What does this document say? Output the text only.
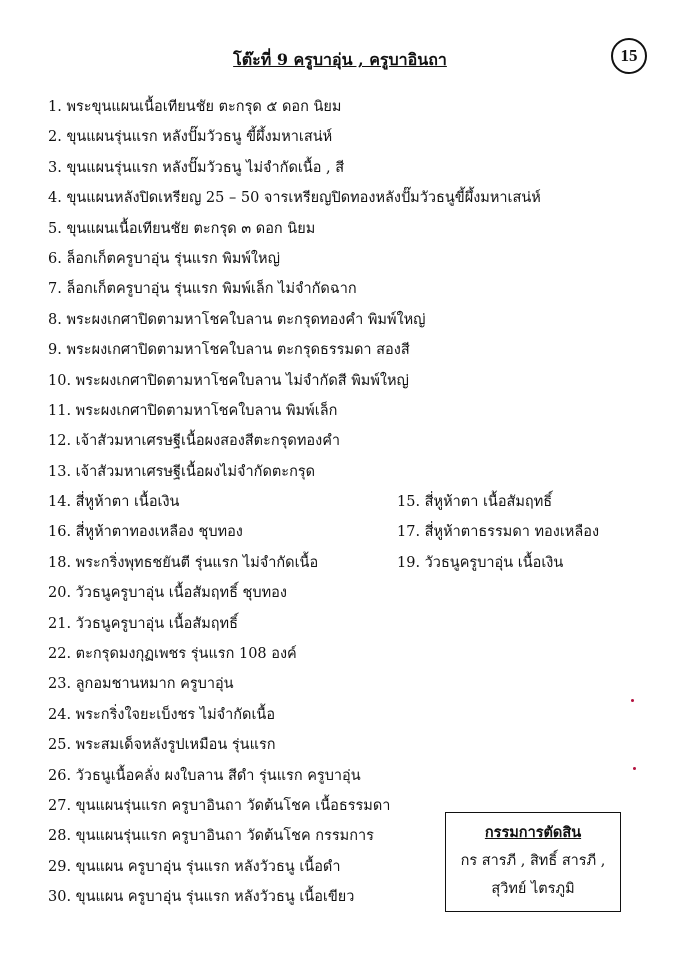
โต๊ะที่ 9 ครูบาอุ่น , ครูบาอินถา	15
1. พระขุนแผนเนื้อเทียนชัย ตะกรุด ๕ ดอก นิยม
2. ขุนแผนรุ่นแรก หลังปั๊มวัวธนู ขี้ผึ้งมหาเสน่ห์
3. ขุนแผนรุ่นแรก หลังปั๊มวัวธนู ไม่จำกัดเนื้อ , สี
4. ขุนแผนหลังปิดเหรียญ 25 – 50 จารเหรียญปิดทองหลังปั๊มวัวธนูขี้ผึ้งมหาเสน่ห์
5. ขุนแผนเนื้อเทียนชัย ตะกรุด ๓ ดอก นิยม
6. ล็อกเก็ตครูบาอุ่น รุ่นแรก พิมพ์ใหญ่
7. ล็อกเก็ตครูบาอุ่น รุ่นแรก พิมพ์เล็ก ไม่จำกัดฉาก
8. พระผงเกศาปิดตามหาโชคใบลาน ตะกรุดทองคำ พิมพ์ใหญ่
9. พระผงเกศาปิดตามหาโชคใบลาน ตะกรุดธรรมดา สองสี
10. พระผงเกศาปิดตามหาโชคใบลาน ไม่จำกัดสี พิมพ์ใหญ่
11. พระผงเกศาปิดตามหาโชคใบลาน พิมพ์เล็ก
12. เจ้าสัวมหาเศรษฐีเนื้อผงสองสีตะกรุดทองคำ
13. เจ้าสัวมหาเศรษฐีเนื้อผงไม่จำกัดตะกรุด
14. สี่หูห้าตา เนื้อเงิน
16. สี่หูห้าตาทองเหลือง ชุบทอง
18. พระกริ่งพุทธชยันตี รุ่นแรก ไม่จำกัดเนื้อ
20. วัวธนูครูบาอุ่น เนื้อสัมฤทธิ์ ชุบทอง
21. วัวธนูครูบาอุ่น เนื้อสัมฤทธิ์
22. ตะกรุดมงกุฏเพชร รุ่นแรก 108 องค์
23. ลูกอมชานหมาก ครูบาอุ่น
24. พระกริ่งใจยะเบ็งชร ไม่จำกัดเนื้อ
25. พระสมเด็จหลังรูปเหมือน รุ่นแรก
26. วัวธนูเนื้อคลั่ง ผงใบลาน สีดำ รุ่นแรก ครูบาอุ่น
27. ขุนแผนรุ่นแรก ครูบาอินถา วัดต้นโชค เนื้อธรรมดา
28. ขุนแผนรุ่นแรก ครูบาอินถา วัดต้นโชค กรรมการ
29. ขุนแผน ครูบาอุ่น รุ่นแรก หลังวัวธนู เนื้อดำ
30. ขุนแผน ครูบาอุ่น รุ่นแรก หลังวัวธนู เนื้อเขียว
15. สี่หูห้าตา เนื้อสัมฤทธิ์
17. สี่หูห้าตาธรรมดา ทองเหลือง
19. วัวธนูครูบาอุ่น เนื้อเงิน
กรรมการตัดสิน
กร สารภี , สิทธิ์ สารภี ,
สุวิทย์ ไตรภูมิ
